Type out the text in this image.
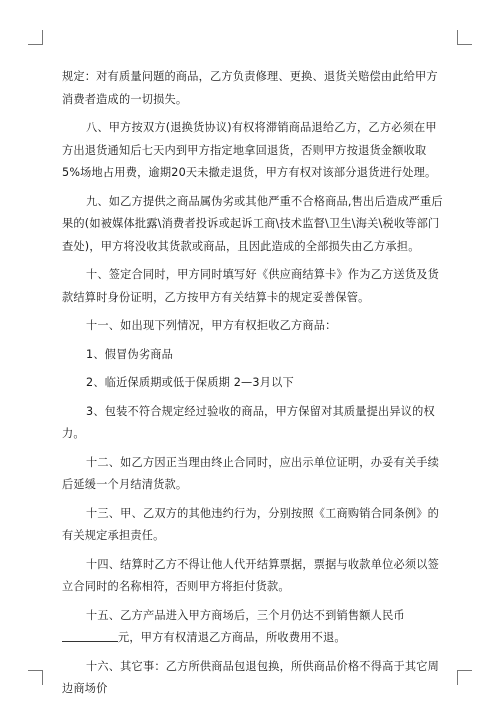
规定：对有质量问题的商品，乙方负责修理、更换、退货关赔偿由此给甲方消费者造成的一切损失。

八、甲方按双方(退换货协议)有权将滞销商品退给乙方，乙方必须在甲方出退货通知后七天内到甲方指定地拿回退货，否则甲方按退货金额收取5%场地占用费，逾期20天未撤走退货，甲方有权对该部分退货进行处理。

九、如乙方提供之商品属伪劣或其他严重不合格商品,售出后造成严重后果的(如被媒体批露\消费者投诉或起诉工商\技术监督\卫生\海关\税收等部门查处)，甲方将没收其货款或商品，且因此造成的全部损失由乙方承担。

十、签定合同时，甲方同时填写好《供应商结算卡》作为乙方送货及货款结算时身份证明，乙方按甲方有关结算卡的规定妥善保管。

十一、如出现下列情况，甲方有权拒收乙方商品：

1、假冒伪劣商品

2、临近保质期或低于保质期 2—3月以下

3、包装不符合规定经过验收的商品，甲方保留对其质量提出异议的权力。

十二、如乙方因正当理由终止合同时，应出示单位证明，办妥有关手续后延缓一个月结清货款。

十三、甲、乙双方的其他违约行为，分别按照《工商购销合同条例》的有关规定承担责任。

十四、结算时乙方不得让他人代开结算票据，票据与收款单位必须以签立合同时的名称相符，否则甲方将拒付货款。

十五、乙方产品进入甲方商场后，三个月仍达不到销售额人民币元，甲方有权清退乙方商品，所收费用不退。

十六、其它事：乙方所供商品包退包换，所供商品价格不得高于其它周边商场价
